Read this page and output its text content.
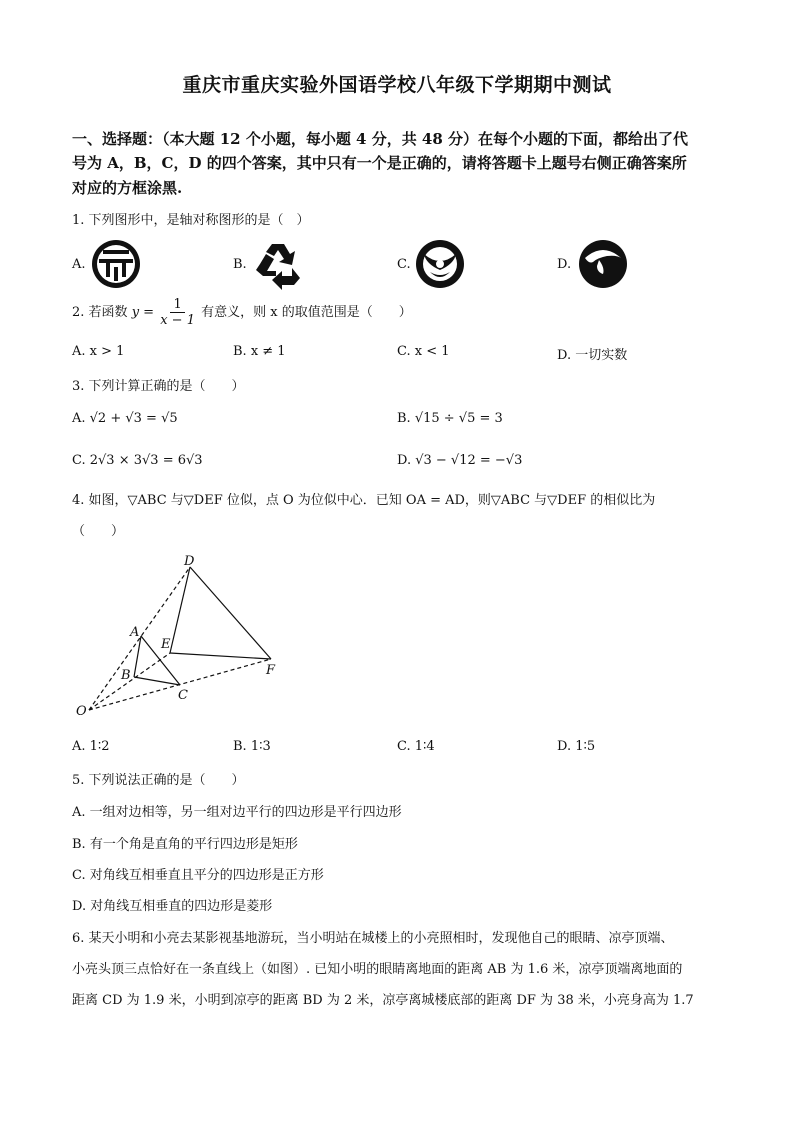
重庆市重庆实验外国语学校八年级下学期期中测试
一、选择题：（本大题 12 个小题，每小题 4 分，共 48 分）在每个小题的下面，都给出了代
号为 A，B，C，D 的四个答案，其中只有一个是正确的，请将答题卡上题号右侧正确答案所
对应的方框涂黑.
1. 下列图形中，是轴对称图形的是（　）
A.	B.	C.	D.
2. 若函数 $y = \frac{1}{x - 1}$ 有意义，则 x 的取值范围是（　　）
A. x > 1	B. x ≠ 1	C. x < 1	D. 一切实数
3. 下列计算正确的是（　　）
A. √2 + √3 = √5	B. √15 ÷ √5 = 3
C. 2√3 × 3√3 = 6√3	D. √3 − √12 = −√3
4. 如图，▽ABC 与▽DEF 位似，点 O 为位似中心．已知 OA = AD，则▽ABC 与▽DEF 的相似比为
（　　）
D
A
E
F
B
C
O
A. 1∶2	B. 1∶3	C. 1∶4	D. 1∶5
5. 下列说法正确的是（　　）
A. 一组对边相等，另一组对边平行的四边形是平行四边形
B. 有一个角是直角的平行四边形是矩形
C. 对角线互相垂直且平分的四边形是正方形
D. 对角线互相垂直的四边形是菱形
6. 某天小明和小亮去某影视基地游玩，当小明站在城楼上的小亮照相时，发现他自己的眼睛、凉亭顶端、
小亮头顶三点恰好在一条直线上（如图）. 已知小明的眼睛离地面的距离 AB 为 1.6 米，凉亭顶端离地面的
距离 CD 为 1.9 米，小明到凉亭的距离 BD 为 2 米，凉亭离城楼底部的距离 DF 为 38 米，小亮身高为 1.7
